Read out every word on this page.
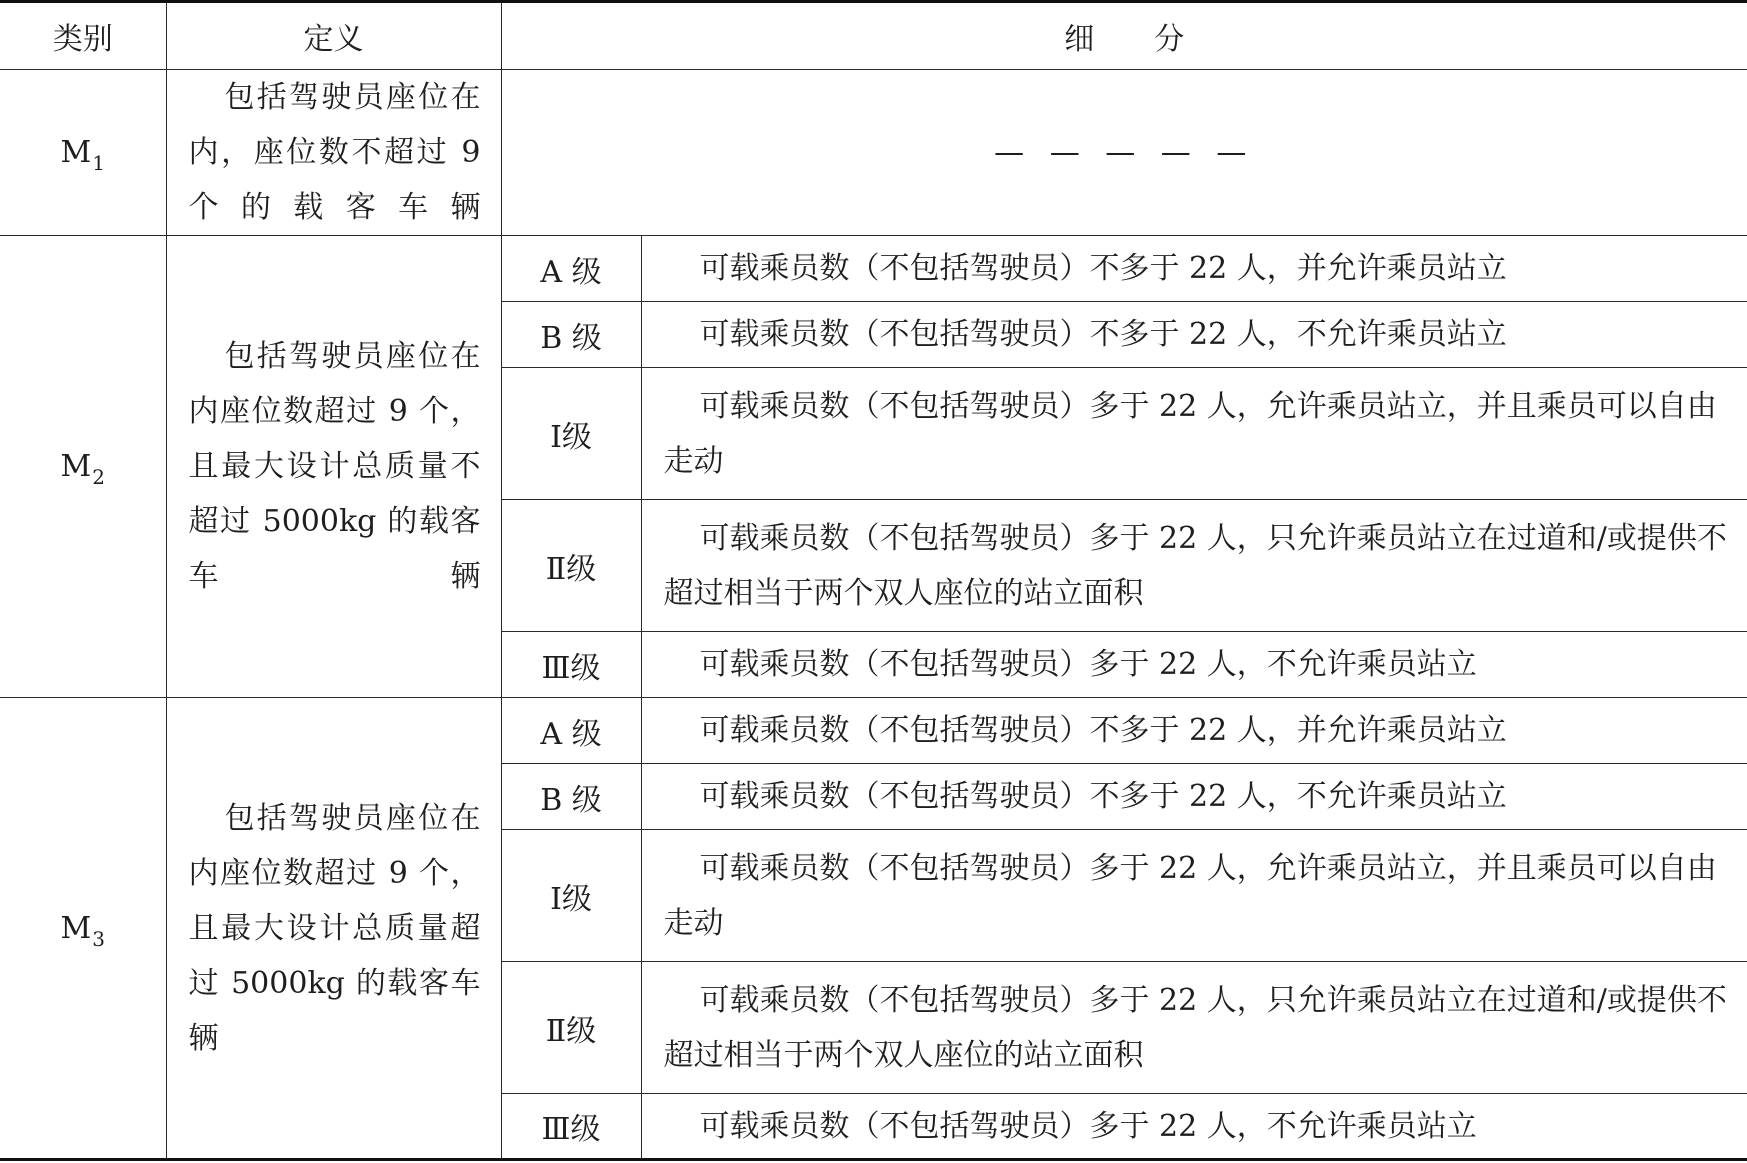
类别	定义	细　　分	
$M_1$	包括驾驶员座位在内，座位数不超过 9 个的载客车辆	— — — — —	
$M_2$	包括驾驶员座位在内座位数超过 9 个，且最大设计总质量不超过 5000kg 的载客车辆	A 级	可载乘员数（不包括驾驶员）不多于 22 人，并允许乘员站立

		B 级	可载乘员数（不包括驾驶员）不多于 22 人，不允许乘员站立

		Ⅰ级	可载乘员数（不包括驾驶员）多于 22 人，允许乘员站立，并且乘员可以自由走动

		Ⅱ级	可载乘员数（不包括驾驶员）多于 22 人，只允许乘员站立在过道和/或提供不超过相当于两个双人座位的站立面积

		Ⅲ级	可载乘员数（不包括驾驶员）多于 22 人，不允许乘员站立

$M_3$	包括驾驶员座位在内座位数超过 9 个，且最大设计总质量超过 5000kg 的载客车辆	A 级	可载乘员数（不包括驾驶员）不多于 22 人，并允许乘员站立

		B 级	可载乘员数（不包括驾驶员）不多于 22 人，不允许乘员站立

		Ⅰ级	可载乘员数（不包括驾驶员）多于 22 人，允许乘员站立，并且乘员可以自由走动

		Ⅱ级	可载乘员数（不包括驾驶员）多于 22 人，只允许乘员站立在过道和/或提供不超过相当于两个双人座位的站立面积

		Ⅲ级	可载乘员数（不包括驾驶员）多于 22 人，不允许乘员站立
